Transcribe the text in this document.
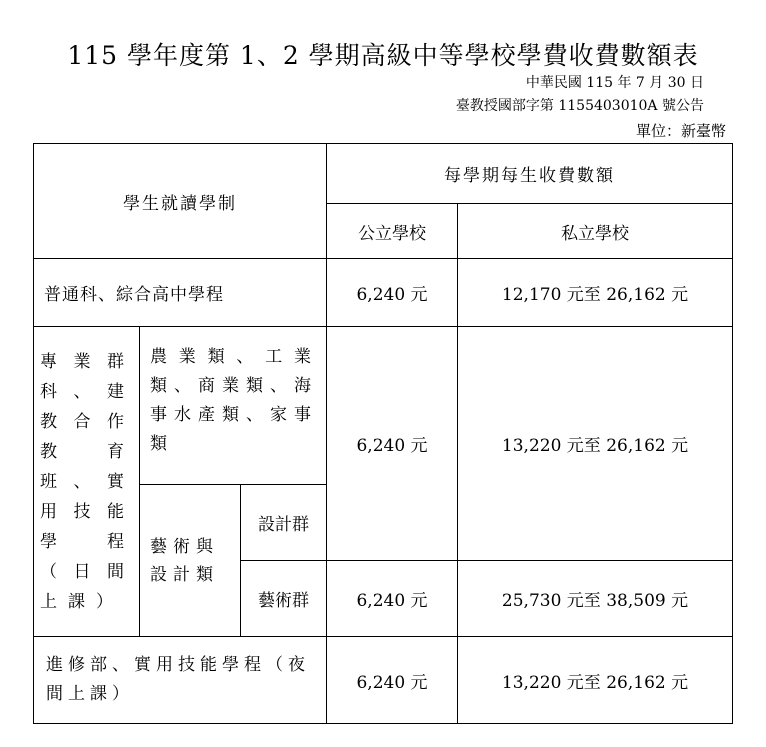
115 學年度第 1、2 學期高級中等學校學費收費數額表
中華民國 115 年 7 月 30 日
臺教授國部字第 1155403010A 號公告
單位：新臺幣
學生就讀學制			每學期每生收費數額	
			公立學校	私立學校
普通科、綜合高中學程			6,240 元	12,170 元至 26,162 元
專業群科、建教合作教育班、實用技能學程（日間上課）	農業類、工業類、商業類、海事水產類、家事類		6,240 元	13,220 元至 26,162 元
	藝術與設計類	設計群		
		藝術群	6,240 元	25,730 元至 38,509 元
進修部、實用技能學程（夜間上課）			6,240 元	13,220 元至 26,162 元
